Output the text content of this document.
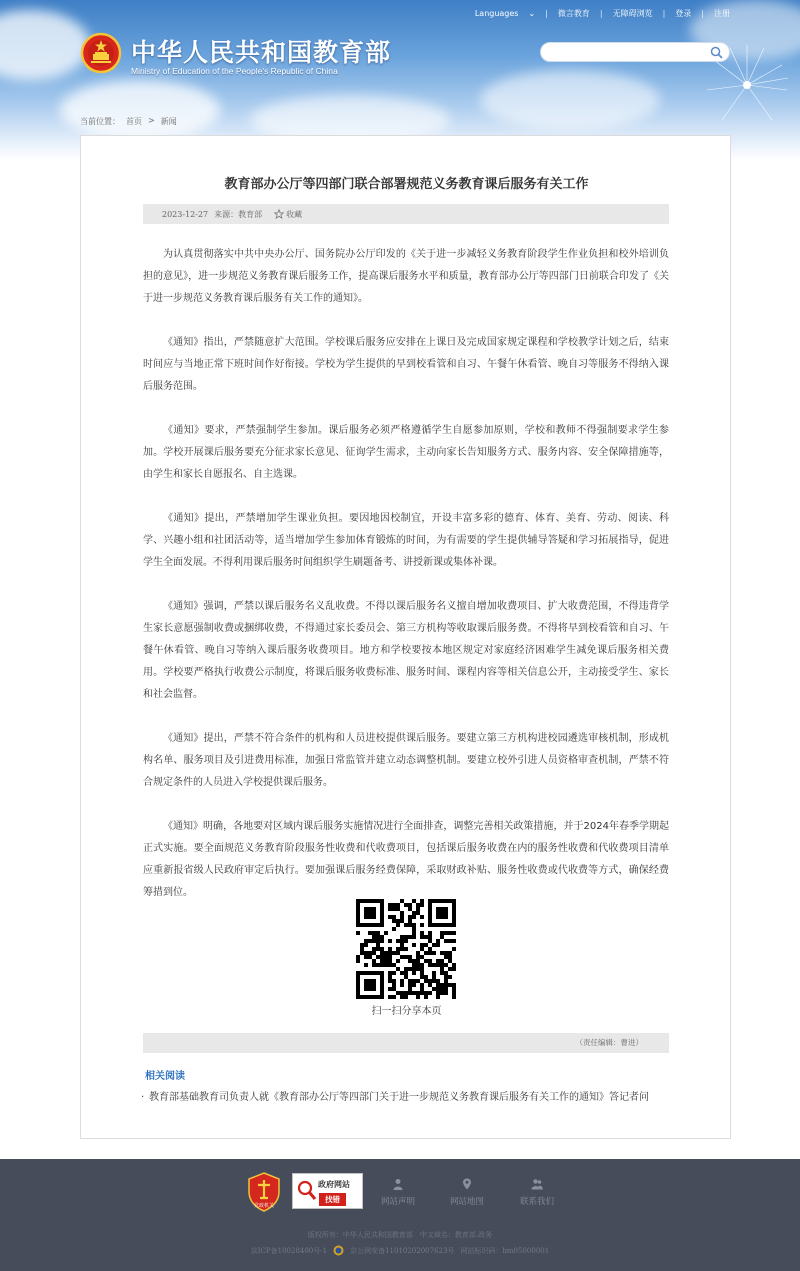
Languages ⌄ | 微言教育 | 无障碍浏览 | 登录 | 注册
中华人民共和国教育部
Ministry of Education of the People's Republic of China
当前位置： 首页 > 新闻
教育部办公厅等四部门联合部署规范义务教育课后服务有关工作
2023-12-27 来源：教育部	收藏

为认真贯彻落实中共中央办公厅、国务院办公厅印发的《关于进一步减轻义务教育阶段学生作业负担和校外培训负担的意见》，进一步规范义务教育课后服务工作，提高课后服务水平和质量，教育部办公厅等四部门日前联合印发了《关于进一步规范义务教育课后服务有关工作的通知》。

《通知》指出，严禁随意扩大范围。学校课后服务应安排在上课日及完成国家规定课程和学校教学计划之后，结束时间应与当地正常下班时间作好衔接。学校为学生提供的早到校看管和自习、午餐午休看管、晚自习等服务不得纳入课后服务范围。

《通知》要求，严禁强制学生参加。课后服务必须严格遵循学生自愿参加原则，学校和教师不得强制要求学生参加。学校开展课后服务要充分征求家长意见、征询学生需求，主动向家长告知服务方式、服务内容、安全保障措施等，由学生和家长自愿报名、自主选课。

《通知》提出，严禁增加学生课业负担。要因地因校制宜，开设丰富多彩的德育、体育、美育、劳动、阅读、科学、兴趣小组和社团活动等，适当增加学生参加体育锻炼的时间，为有需要的学生提供辅导答疑和学习拓展指导，促进学生全面发展。不得利用课后服务时间组织学生刷题备考、讲授新课或集体补课。

《通知》强调，严禁以课后服务名义乱收费。不得以课后服务名义擅自增加收费项目、扩大收费范围，不得违背学生家长意愿强制收费或捆绑收费，不得通过家长委员会、第三方机构等收取课后服务费。不得将早到校看管和自习、午餐午休看管、晚自习等纳入课后服务收费项目。地方和学校要按本地区规定对家庭经济困难学生减免课后服务相关费用。学校要严格执行收费公示制度，将课后服务收费标准、服务时间、课程内容等相关信息公开，主动接受学生、家长和社会监督。

《通知》提出，严禁不符合条件的机构和人员进校提供课后服务。要建立第三方机构进校园遴选审核机制，形成机构名单、服务项目及引进费用标准，加强日常监管并建立动态调整机制。要建立校外引进人员资格审查机制，严禁不符合规定条件的人员进入学校提供课后服务。

《通知》明确，各地要对区域内课后服务实施情况进行全面排查，调整完善相关政策措施，并于2024年春季学期起正式实施。要全面规范义务教育阶段服务性收费和代收费项目，包括课后服务收费在内的服务性收费和代收费项目清单应重新报省级人民政府审定后执行。要加强课后服务经费保障，采取财政补贴、服务性收费或代收费等方式，确保经费筹措到位。

扫一扫分享本页
（责任编辑：曹进）
相关阅读
· 教育部基础教育司负责人就《教育部办公厅等四部门关于进一步规范义务教育课后服务有关工作的通知》答记者问
党政机关
政府网站
找错	网站声明	网站地图	联系我们
版权所有：中华人民共和国教育部　中文域名：教育部.政务
京ICP备10028400号-1	京公网安备11010202007623号 网站标识码：bm05000001
